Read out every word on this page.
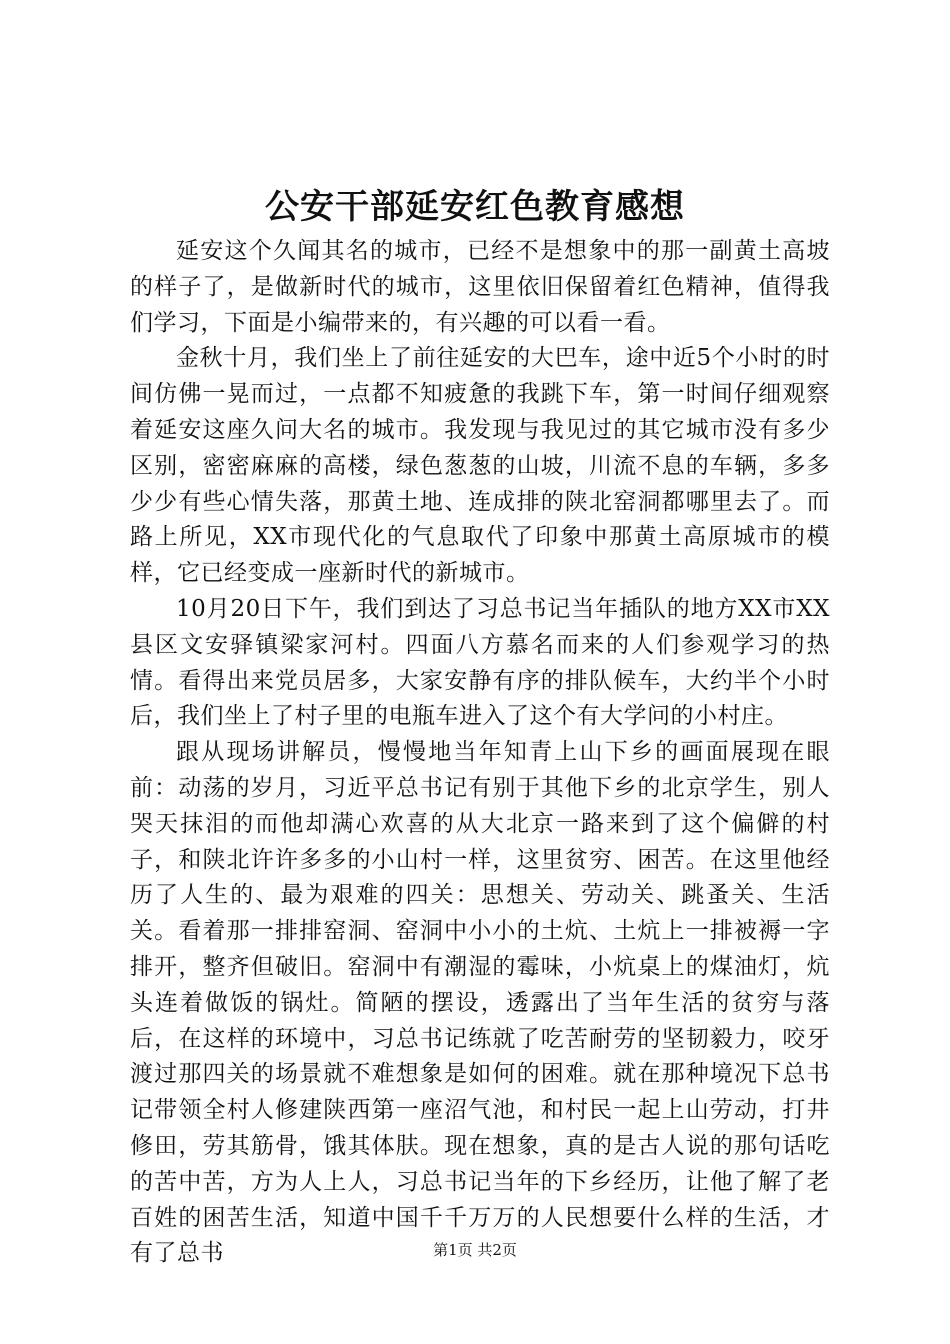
公安干部延安红色教育感想

延安这个久闻其名的城市，已经不是想象中的那一副黄土高坡的样子了，是做新时代的城市，这里依旧保留着红色精神，值得我们学习，下面是小编带来的，有兴趣的可以看一看。

金秋十月，我们坐上了前往延安的大巴车，途中近5个小时的时间仿佛一晃而过，一点都不知疲惫的我跳下车，第一时间仔细观察着延安这座久问大名的城市。我发现与我见过的其它城市没有多少区别，密密麻麻的高楼，绿色葱葱的山坡，川流不息的车辆，多多少少有些心情失落，那黄土地、连成排的陕北窑洞都哪里去了。而路上所见，XX市现代化的气息取代了印象中那黄土高原城市的模样，它已经变成一座新时代的新城市。

10月20日下午，我们到达了习总书记当年插队的地方XX市XX县区文安驿镇梁家河村。四面八方慕名而来的人们参观学习的热情。看得出来党员居多，大家安静有序的排队候车，大约半个小时后，我们坐上了村子里的电瓶车进入了这个有大学问的小村庄。

跟从现场讲解员，慢慢地当年知青上山下乡的画面展现在眼前：动荡的岁月，习近平总书记有别于其他下乡的北京学生，别人哭天抹泪的而他却满心欢喜的从大北京一路来到了这个偏僻的村子，和陕北许许多多的小山村一样，这里贫穷、困苦。在这里他经历了人生的、最为艰难的四关：思想关、劳动关、跳蚤关、生活关。看着那一排排窑洞、窑洞中小小的土炕、土炕上一排被褥一字排开，整齐但破旧。窑洞中有潮湿的霉味，小炕桌上的煤油灯，炕头连着做饭的锅灶。简陋的摆设，透露出了当年生活的贫穷与落后，在这样的环境中，习总书记练就了吃苦耐劳的坚韧毅力，咬牙渡过那四关的场景就不难想象是如何的困难。就在那种境况下总书记带领全村人修建陕西第一座沼气池，和村民一起上山劳动，打井修田，劳其筋骨，饿其体肤。现在想象，真的是古人说的那句话吃的苦中苦，方为人上人，习总书记当年的下乡经历，让他了解了老百姓的困苦生活，知道中国千千万万的人民想要什么样的生活，才有了总书	第1页 共2页
